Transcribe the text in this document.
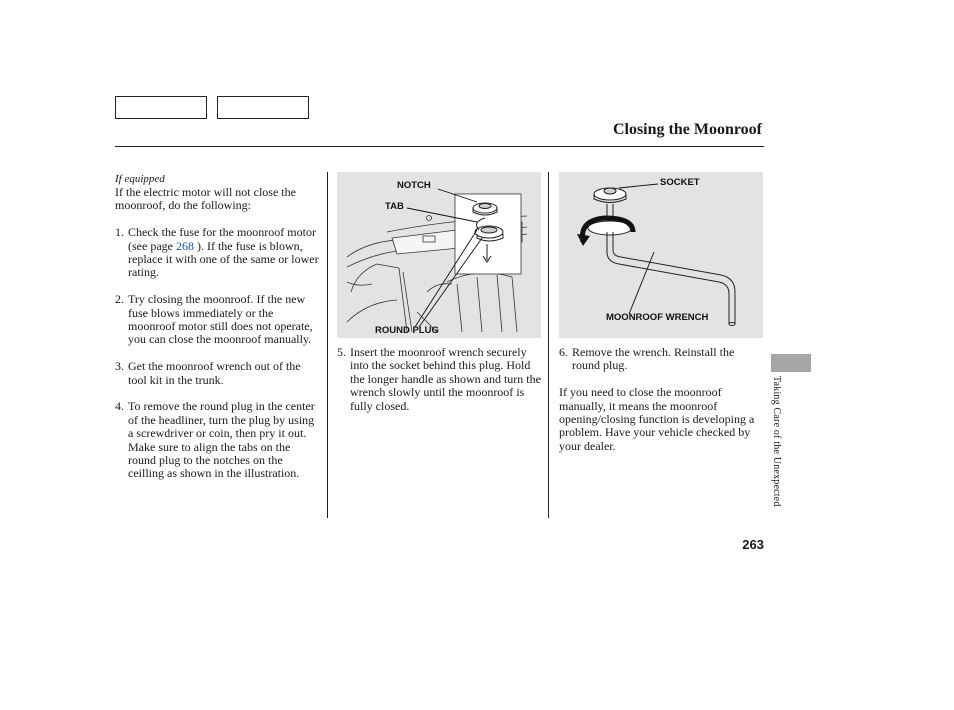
Closing the Moonroof
If equipped

If the electric motor will not close the moonroof, do the following:

1. Check the fuse for the moonroof motor (see page 268 ). If the fuse is blown, replace it with one of the same or lower rating.
2. Try closing the moonroof. If the new fuse blows immediately or the moonroof motor still does not operate, you can close the moonroof manually.
3. Get the moonroof wrench out of the tool kit in the trunk.
4. To remove the round plug in the center of the headliner, turn the plug by using a screwdriver or coin, then pry it out. Make sure to align the tabs on the round plug to the notches on the ceilling as shown in the illustration.
NOTCH
TAB
ROUND PLUG
5. Insert the moonroof wrench securely into the socket behind this plug. Hold the longer handle as shown and turn the wrench slowly until the moonroof is fully closed.
SOCKET
MOONROOF WRENCH
6. Remove the wrench. Reinstall the round plug.

If you need to close the moonroof manually, it means the moonroof opening/closing function is developing a problem. Have your vehicle checked by your dealer.	Taking Care of the Unexpected
263
